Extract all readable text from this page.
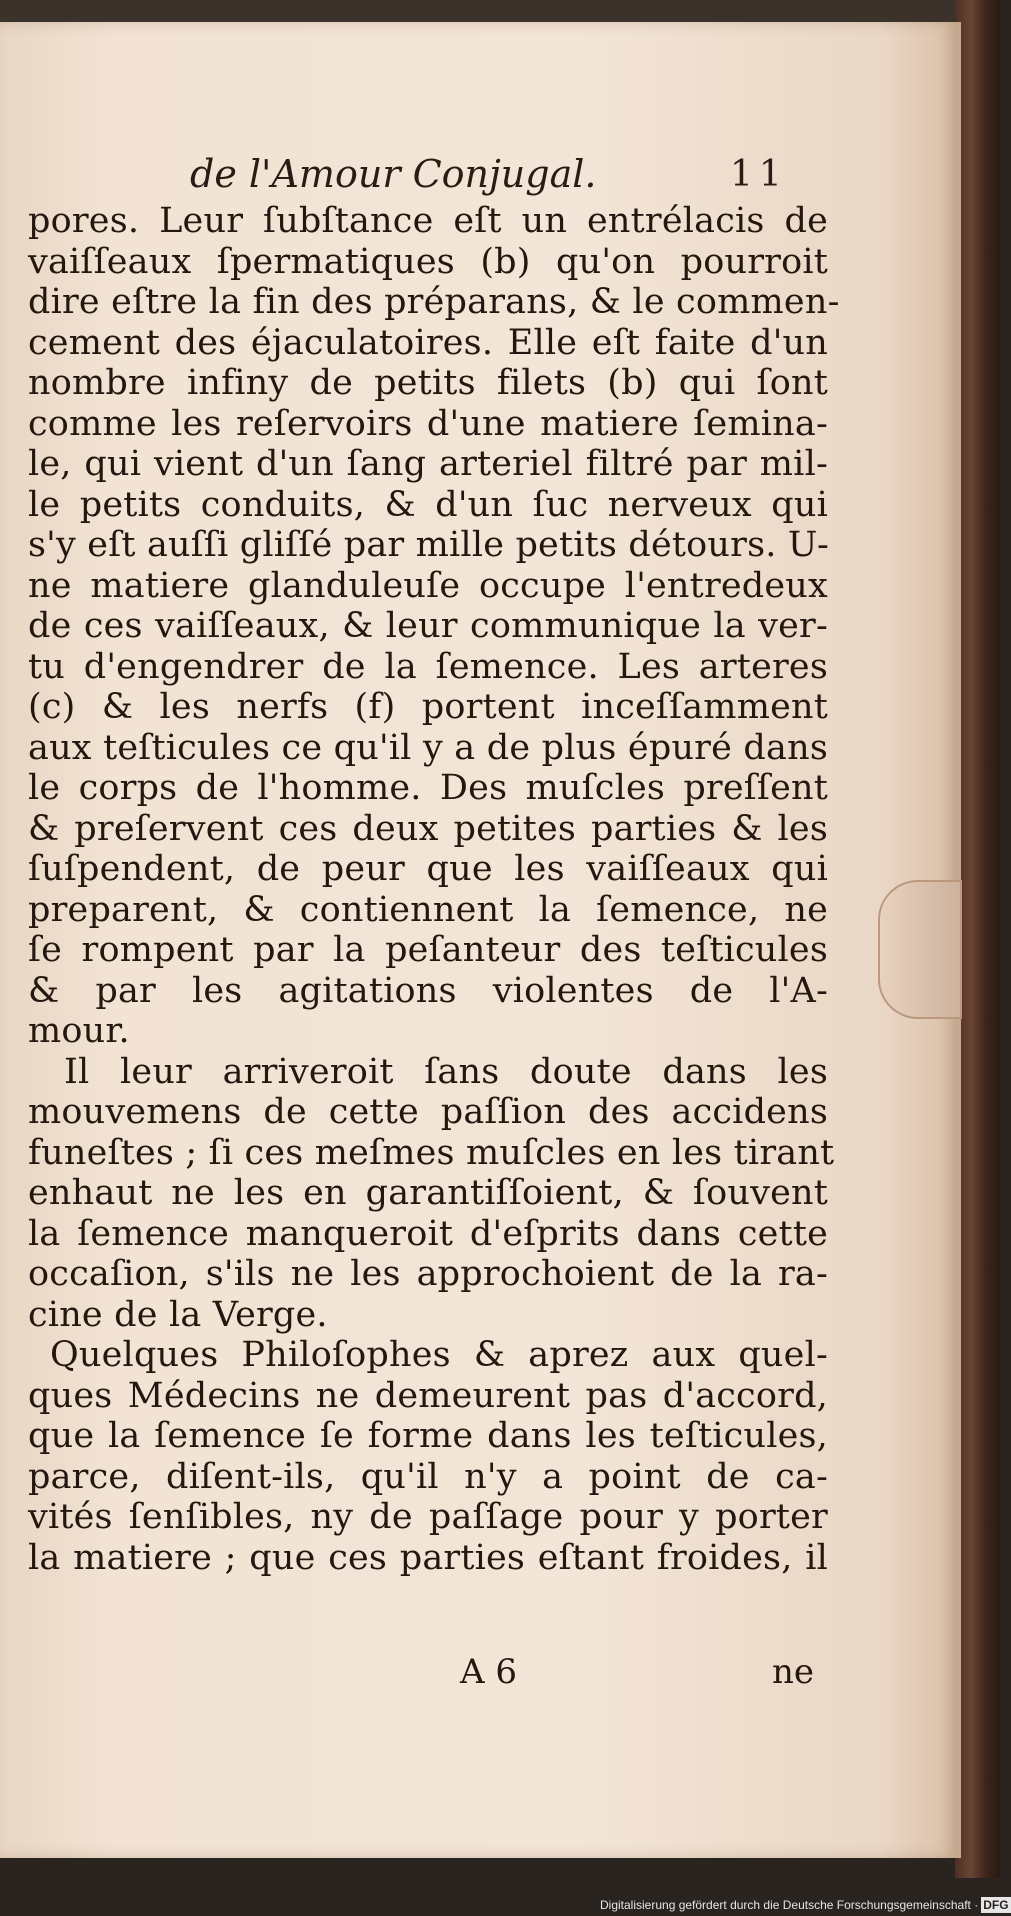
de l'Amour Conjugal.	11
pores. Leur ſubſtance eſt un entrélacis de
vaiſſeaux ſpermatiques (b) qu'on pourroit
dire eſtre la fin des préparans, & le commen-
cement des éjaculatoires. Elle eſt faite d'un
nombre infiny de petits filets (b) qui ſont
comme les reſervoirs d'une matiere ſemina-
le, qui vient d'un ſang arteriel filtré par mil-
le petits conduits, & d'un ſuc nerveux qui
s'y eſt auſſi gliſſé par mille petits détours. U-
ne matiere glanduleuſe occupe l'entredeux
de ces vaiſſeaux, & leur communique la ver-
tu d'engendrer de la ſemence. Les arteres
(c) & les nerfs (f) portent inceſſamment
aux teſticules ce qu'il y a de plus épuré dans
le corps de l'homme. Des muſcles preſſent
& preſervent ces deux petites parties & les
ſuſpendent, de peur que les vaiſſeaux qui
preparent, & contiennent la ſemence, ne
ſe rompent par la peſanteur des teſticules
& par les agitations violentes de l'A-
mour.
Il leur arriveroit ſans doute dans les
mouvemens de cette paſſion des accidens
funeſtes ; ſi ces meſmes muſcles en les tirant
enhaut ne les en garantiſſoient, & ſouvent
la ſemence manqueroit d'eſprits dans cette
occaſion, s'ils ne les approchoient de la ra-
cine de la Verge.
Quelques Philoſophes & aprez aux quel-
ques Médecins ne demeurent pas d'accord,
que la ſemence ſe forme dans les teſticules,
parce, diſent-ils, qu'il n'y a point de ca-
vités ſenſibles, ny de paſſage pour y porter
la matiere ; que ces parties eſtant froides, il
A 6	ne
Digitalisierung gefördert durch die Deutsche Forschungsgemeinschaft · DFG
